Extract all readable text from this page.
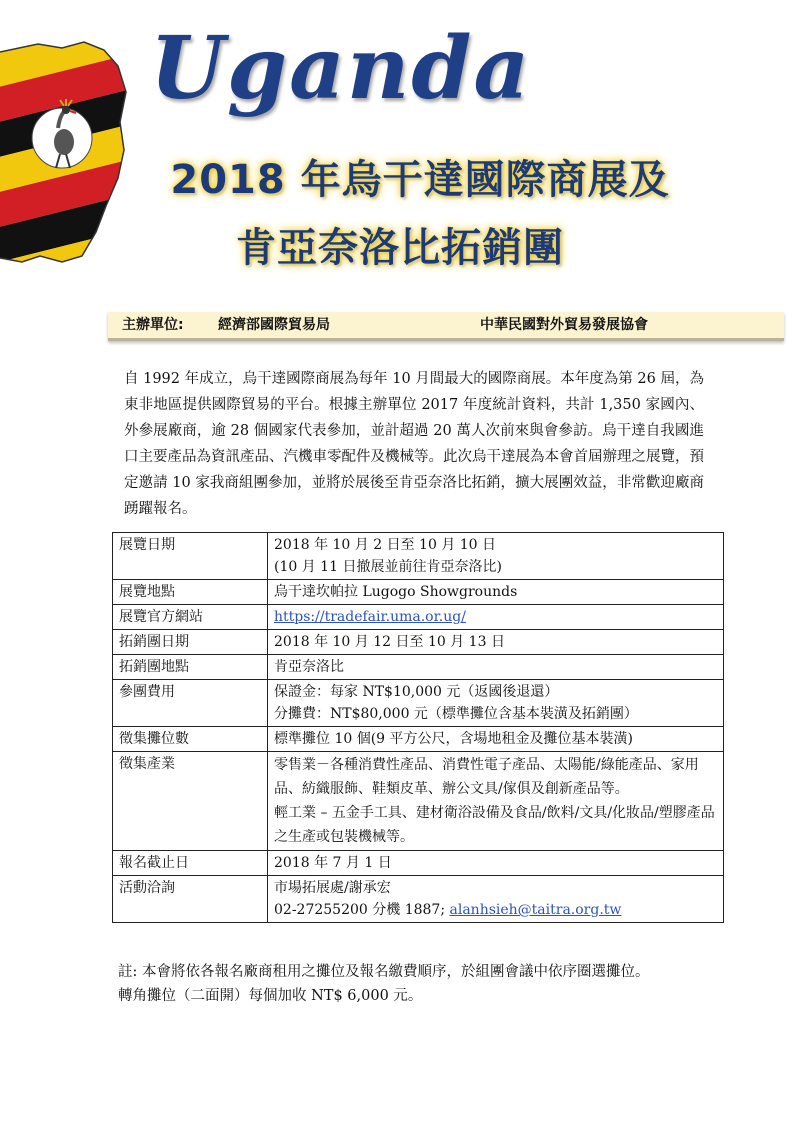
Uganda
2018 年烏干達國際商展及
肯亞奈洛比拓銷團
主辦單位: 經濟部國際貿易局	中華民國對外貿易發展協會

自 1992 年成立，烏干達國際商展為每年 10 月間最大的國際商展。本年度為第 26 屆，為東非地區提供國際貿易的平台。根據主辦單位 2017 年度統計資料，共計 1,350 家國內、外參展廠商，逾 28 個國家代表參加，並計超過 20 萬人次前來與會參訪。烏干達自我國進口主要產品為資訊產品、汽機車零配件及機械等。此次烏干達展為本會首屆辦理之展覽，預定邀請 10 家我商組團參加，並將於展後至肯亞奈洛比拓銷，擴大展團效益，非常歡迎廠商踴躍報名。

展覽日期	2018 年 10 月 2 日至 10 月 10 日
(10 月 11 日撤展並前往肯亞奈洛比)

展覽地點	烏干達坎帕拉 Lugogo Showgrounds
展覽官方網站	https://tradefair.uma.or.ug/
拓銷團日期	2018 年 10 月 12 日至 10 月 13 日
拓銷團地點	肯亞奈洛比
參團費用	保證金：每家 NT$10,000 元（返國後退還）
分攤費：NT$80,000 元（標準攤位含基本裝潢及拓銷團）

徵集攤位數	標準攤位 10 個(9 平方公尺，含場地租金及攤位基本裝潢)
徵集產業	零售業－各種消費性產品、消費性電子產品、太陽能/綠能產品、家用品、紡織服飾、鞋類皮革、辦公文具/傢俱及創新產品等。
輕工業 – 五金手工具、建材衛浴設備及食品/飲料/文具/化妝品/塑膠產品之生產或包裝機械等。

報名截止日	2018 年 7 月 1 日
活動洽詢	市場拓展處/謝承宏
02-27255200 分機 1887; alanhsieh@taitra.org.tw
註: 本會將依各報名廠商租用之攤位及報名繳費順序，於組團會議中依序圈選攤位。
轉角攤位（二面開）每個加收 NT$ 6,000 元。
